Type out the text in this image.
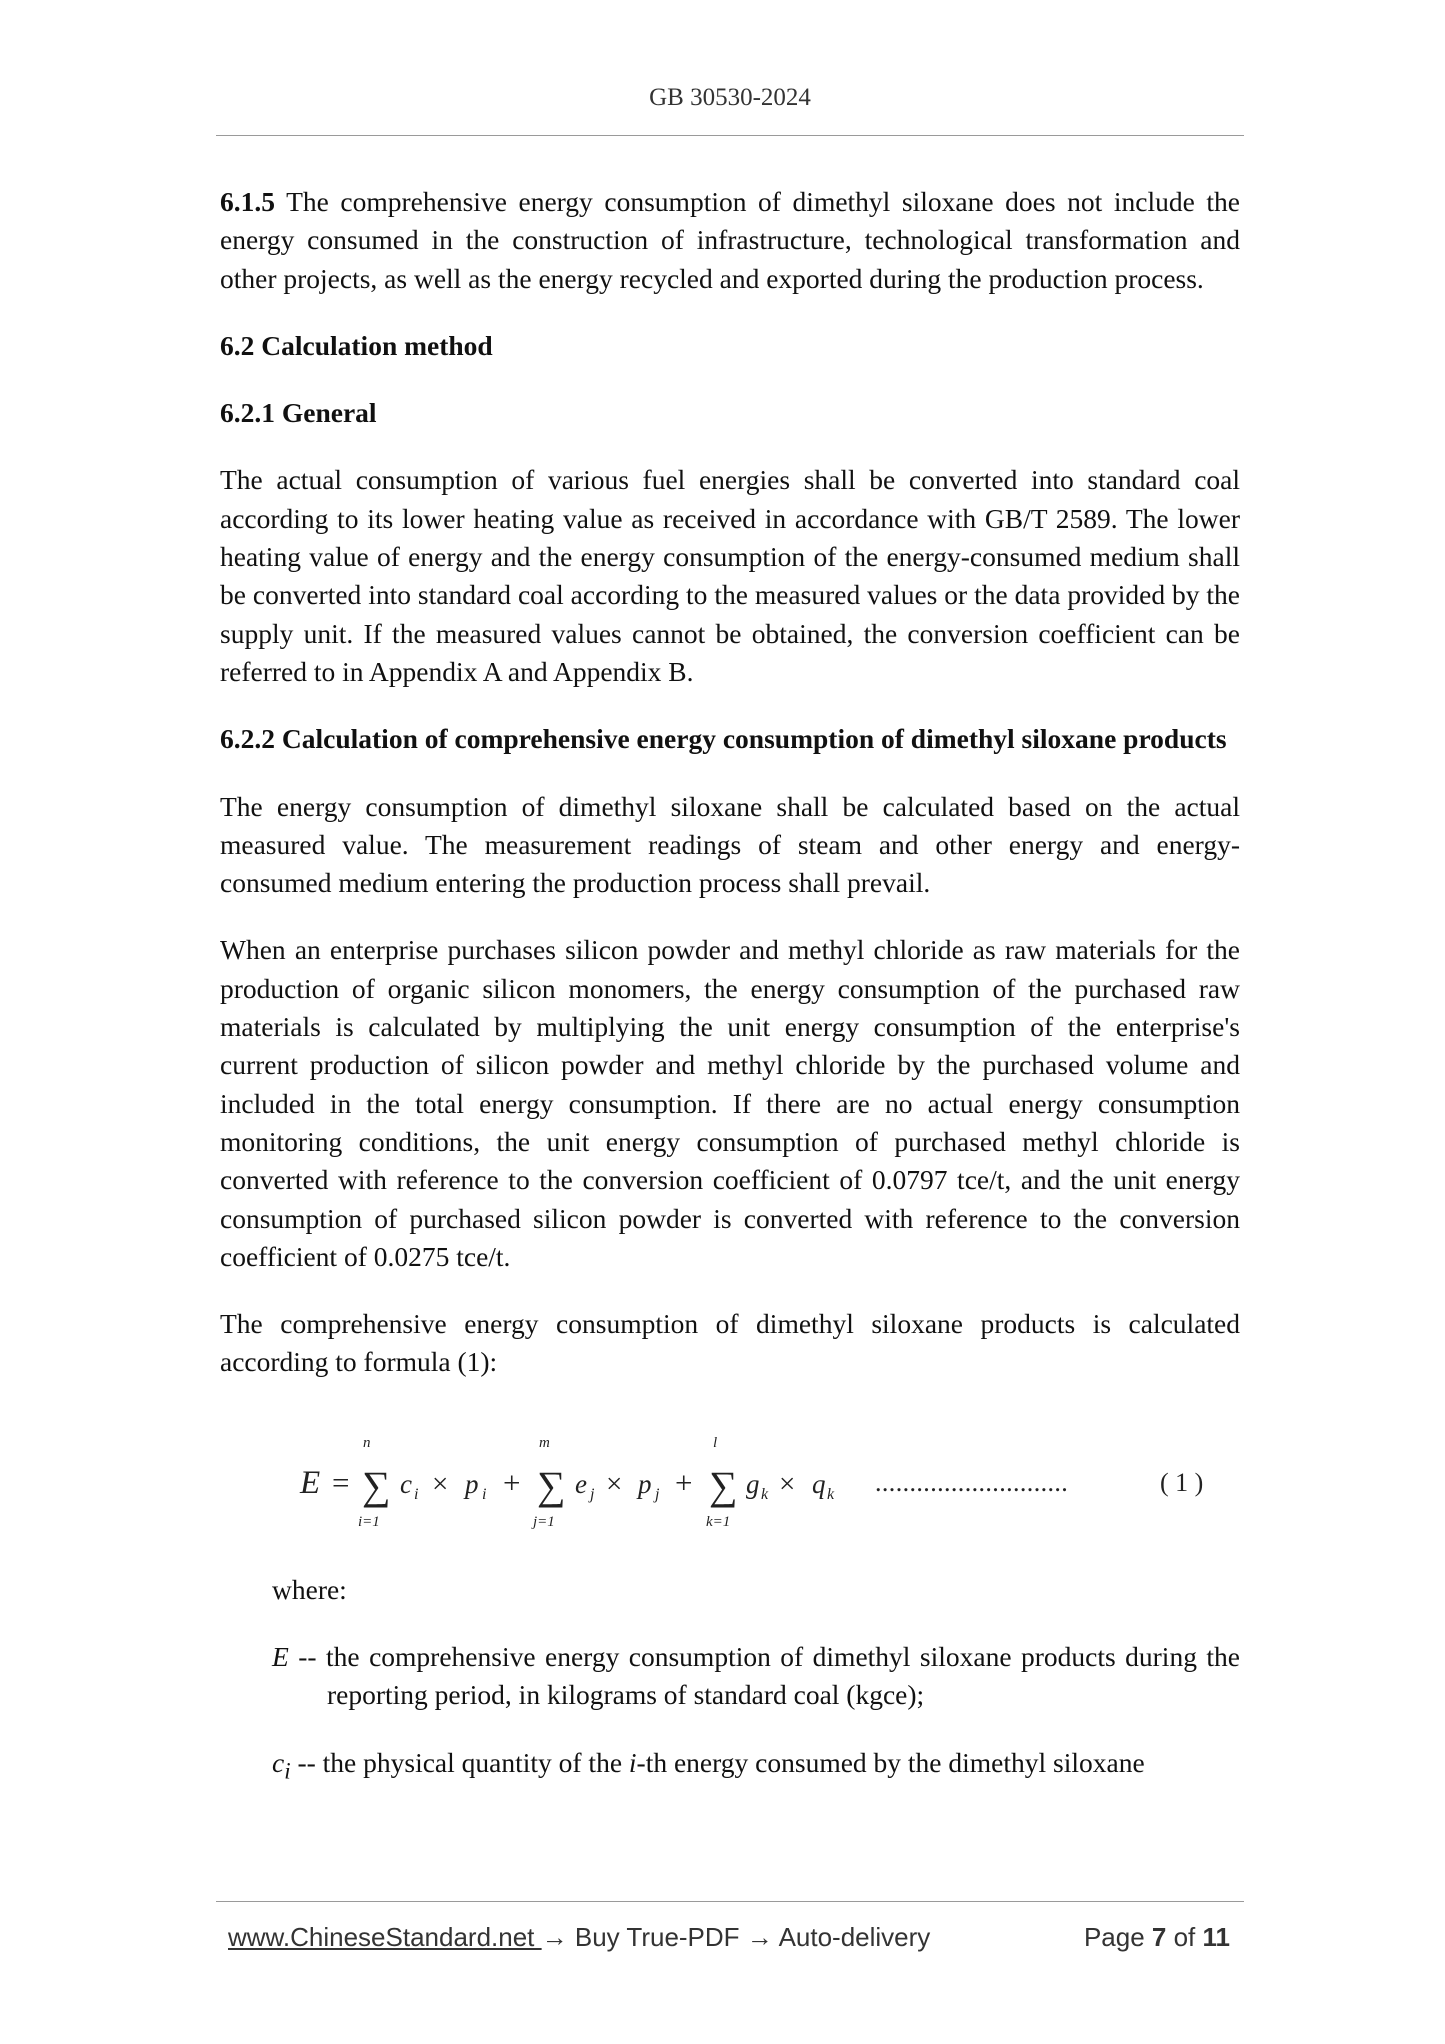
GB 30530-2024

6.1.5 The comprehensive energy consumption of dimethyl siloxane does not include the energy consumed in the construction of infrastructure, technological transformation and other projects, as well as the energy recycled and exported during the production process.

6.2 Calculation method
6.2.1 General

The actual consumption of various fuel energies shall be converted into standard coal according to its lower heating value as received in accordance with GB/T 2589. The lower heating value of energy and the energy consumption of the energy-consumed medium shall be converted into standard coal according to the measured values or the data provided by the supply unit. If the measured values cannot be obtained, the conversion coefficient can be referred to in Appendix A and Appendix B.

6.2.2 Calculation of comprehensive energy consumption of dimethyl siloxane products

The energy consumption of dimethyl siloxane shall be calculated based on the actual measured value. The measurement readings of steam and other energy and energy-consumed medium entering the production process shall prevail.

When an enterprise purchases silicon powder and methyl chloride as raw materials for the production of organic silicon monomers, the energy consumption of the purchased raw materials is calculated by multiplying the unit energy consumption of the enterprise's current production of silicon powder and methyl chloride by the purchased volume and included in the total energy consumption. If there are no actual energy consumption monitoring conditions, the unit energy consumption of purchased methyl chloride is converted with reference to the conversion coefficient of 0.0797 tce/t, and the unit energy consumption of purchased silicon powder is converted with reference to the conversion coefficient of 0.0275 tce/t.

The comprehensive energy consumption of dimethyl siloxane products is calculated according to formula (1):

E =
n
∑
i=1
c i × p i +
m
∑
j=1
e j × p j +
l
∑
k=1
g k × q k ............................	( 1 )

where:

E -- the comprehensive energy consumption of dimethyl siloxane products during the reporting period, in kilograms of standard coal (kgce);

$c_i$ -- the physical quantity of the i-th energy consumed by the dimethyl siloxane

www.ChineseStandard.net → Buy True-PDF → Auto-delivery	Page 7 of 11
